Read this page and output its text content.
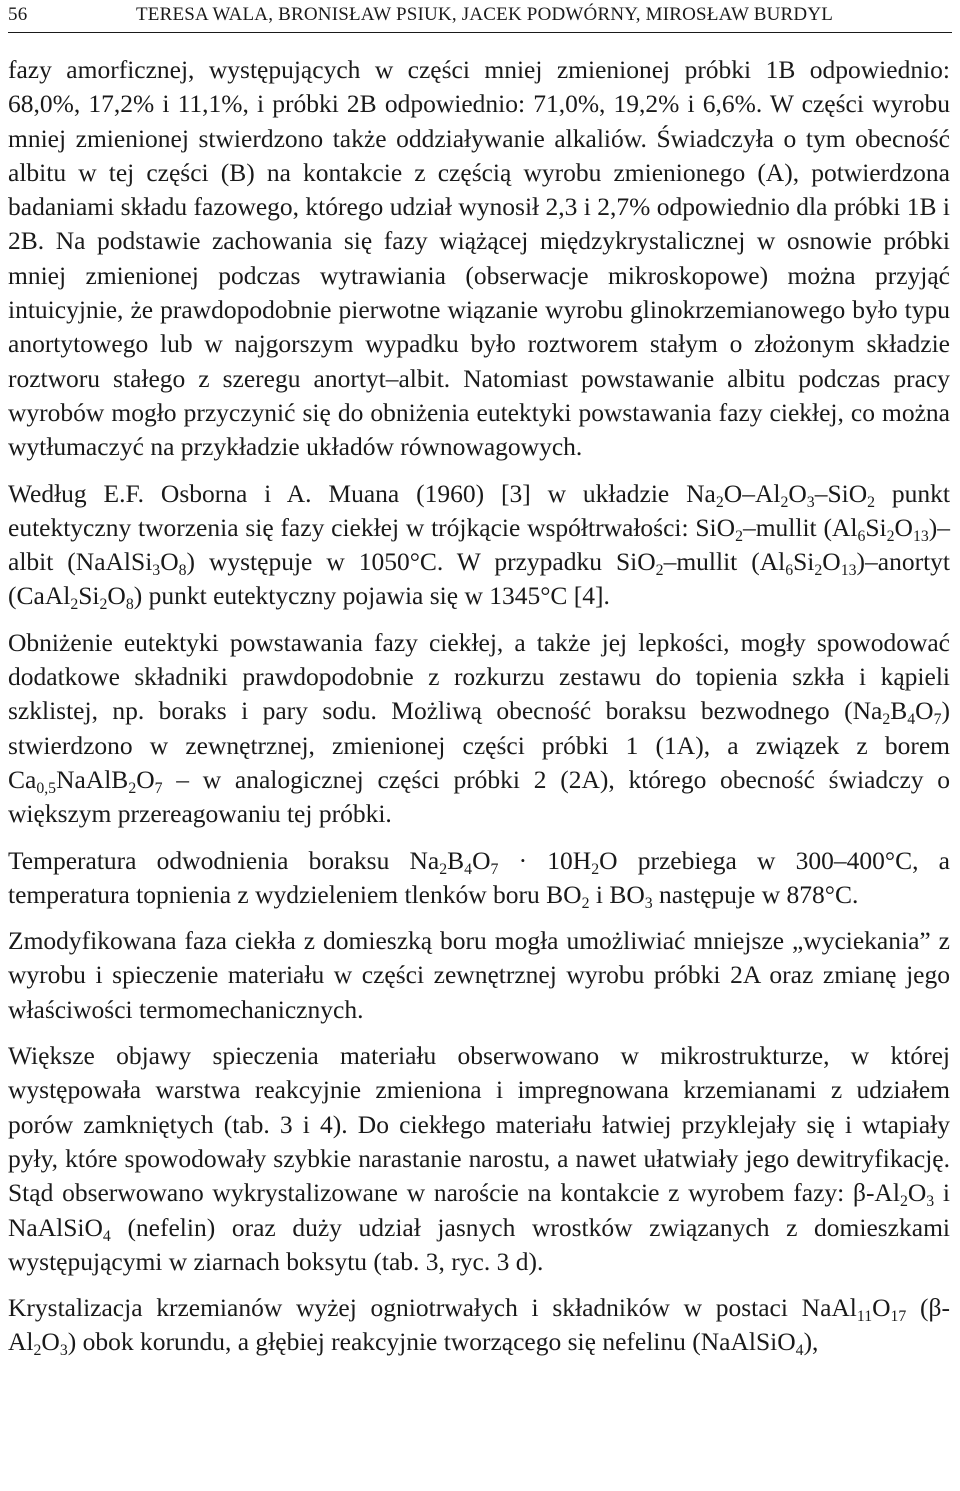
56	TERESA WALA, BRONISŁAW PSIUK, JACEK PODWÓRNY, MIROSŁAW BURDYL

fazy amorficznej, występujących w części mniej zmienionej próbki 1B odpowiednio: 68,0%, 17,2% i 11,1%, i próbki 2B odpowiednio: 71,0%, 19,2% i 6,6%. W części wyrobu mniej zmienionej stwierdzono także oddziaływanie alkaliów. Świadczyła o tym obecność albitu w tej części (B) na kontakcie z częścią wyrobu zmienionego (A), potwierdzona badaniami składu fazowego, którego udział wynosił 2,3 i 2,7% odpowiednio dla próbki 1B i 2B. Na podstawie zachowania się fazy wiążącej międzykrystalicznej w osnowie próbki mniej zmienionej podczas wytrawiania (obserwacje mikroskopowe) można przyjąć intuicyjnie, że prawdopodobnie pierwotne wiązanie wyrobu glinokrzemianowego było typu anortytowego lub w najgorszym wypadku było roztworem stałym o złożonym składzie roztworu stałego z szeregu anortyt–albit. Natomiast powstawanie albitu podczas pracy wyrobów mogło przyczynić się do obniżenia eutektyki powstawania fazy ciekłej, co można wytłumaczyć na przykładzie układów równowagowych.

Według E.F. Osborna i A. Muana (1960) [3] w układzie $Na_2O-Al_2O_3-SiO_2$ punkt eutektyczny tworzenia się fazy ciekłej w trójkącie współtrwałości: SiO$_2$–mullit $(Al_6Si_2O_{13})$–albit $(NaAlSi_3O_8)$ występuje w 1050°C. W przypadku SiO$_2$–mullit $(Al_6Si_2O_{13})$–anortyt $(CaAl_2Si_2O_8)$ punkt eutektyczny pojawia się w 1345°C [4].

Obniżenie eutektyki powstawania fazy ciekłej, a także jej lepkości, mogły spowodować dodatkowe składniki prawdopodobnie z rozkurzu zestawu do topienia szkła i kąpieli szklistej, np. boraks i pary sodu. Możliwą obecność boraksu bezwodnego $(Na_2B_4O_7)$ stwierdzono w zewnętrznej, zmienionej części próbki 1 (1A), a związek z borem $Ca_{0,5}NaAlB_2O_7$ – w analogicznej części próbki 2 (2A), którego obecność świadczy o większym przereagowaniu tej próbki.

Temperatura odwodnienia boraksu $Na_2B_4O_7 \cdot 10H_2O$ przebiega w 300–400°C, a temperatura topnienia z wydzieleniem tlenków boru $BO_2$ i $BO_3$ następuje w 878°C.

Zmodyfikowana faza ciekła z domieszką boru mogła umożliwiać mniejsze „wyciekania” z wyrobu i spieczenie materiału w części zewnętrznej wyrobu próbki 2A oraz zmianę jego właściwości termomechanicznych.

Większe objawy spieczenia materiału obserwowano w mikrostrukturze, w której występowała warstwa reakcyjnie zmieniona i impregnowana krzemianami z udziałem porów zamkniętych (tab. 3 i 4). Do ciekłego materiału łatwiej przyklejały się i wtapiały pyły, które spowodowały szybkie narastanie narostu, a nawet ułatwiały jego dewitryfikację. Stąd obserwowano wykrystalizowane w naroście na kontakcie z wyrobem fazy: $\beta-Al_2O_3$ i NaAlSiO$_4$ (nefelin) oraz duży udział jasnych wrostków związanych z domieszkami występującymi w ziarnach boksytu (tab. 3, ryc. 3 d).

Krystalizacja krzemianów wyżej ogniotrwałych i składników w postaci $NaAl_{11}O_{17}$ $(\beta-Al_2O_3)$ obok korundu, a głębiej reakcyjnie tworzącego się nefelinu (NaAlSiO$_4$),
